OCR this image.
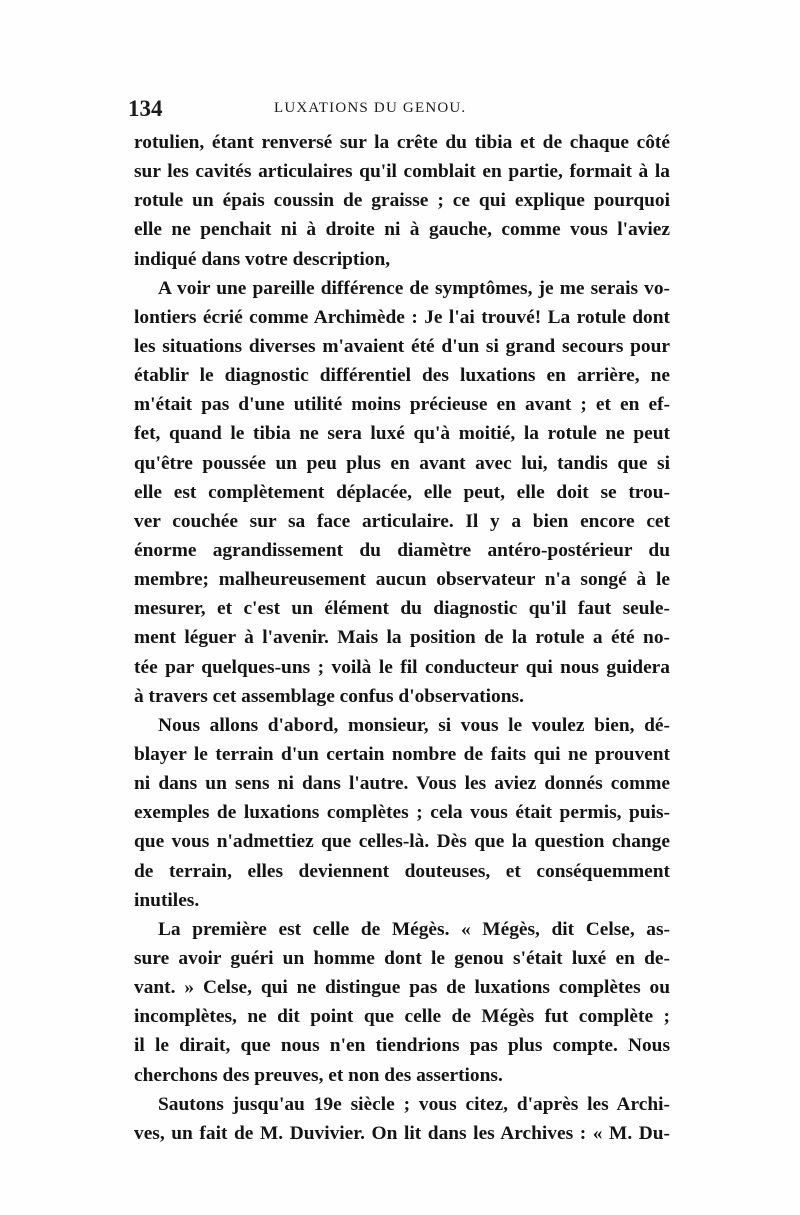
134	LUXATIONS DU GENOU.
rotulien, étant renversé sur la crête du tibia et de chaque côté
sur les cavités articulaires qu'il comblait en partie, formait à la
rotule un épais coussin de graisse ; ce qui explique pourquoi
elle ne penchait ni à droite ni à gauche, comme vous l'aviez
indiqué dans votre description,
A voir une pareille différence de symptômes, je me serais vo-
lontiers écrié comme Archimède : Je l'ai trouvé! La rotule dont
les situations diverses m'avaient été d'un si grand secours pour
établir le diagnostic différentiel des luxations en arrière, ne
m'était pas d'une utilité moins précieuse en avant ; et en ef-
fet, quand le tibia ne sera luxé qu'à moitié, la rotule ne peut
qu'être poussée un peu plus en avant avec lui, tandis que si
elle est complètement déplacée, elle peut, elle doit se trou-
ver couchée sur sa face articulaire. Il y a bien encore cet
énorme agrandissement du diamètre antéro-postérieur du
membre; malheureusement aucun observateur n'a songé à le
mesurer, et c'est un élément du diagnostic qu'il faut seule-
ment léguer à l'avenir. Mais la position de la rotule a été no-
tée par quelques-uns ; voilà le fil conducteur qui nous guidera
à travers cet assemblage confus d'observations.
Nous allons d'abord, monsieur, si vous le voulez bien, dé-
blayer le terrain d'un certain nombre de faits qui ne prouvent
ni dans un sens ni dans l'autre. Vous les aviez donnés comme
exemples de luxations complètes ; cela vous était permis, puis-
que vous n'admettiez que celles-là. Dès que la question change
de terrain, elles deviennent douteuses, et conséquemment
inutiles.
La première est celle de Mégès. « Mégès, dit Celse, as-
sure avoir guéri un homme dont le genou s'était luxé en de-
vant. » Celse, qui ne distingue pas de luxations complètes ou
incomplètes, ne dit point que celle de Mégès fut complète ;
il le dirait, que nous n'en tiendrions pas plus compte. Nous
cherchons des preuves, et non des assertions.
Sautons jusqu'au 19e siècle ; vous citez, d'après les Archi-
ves, un fait de M. Duvivier. On lit dans les Archives : « M. Du-
